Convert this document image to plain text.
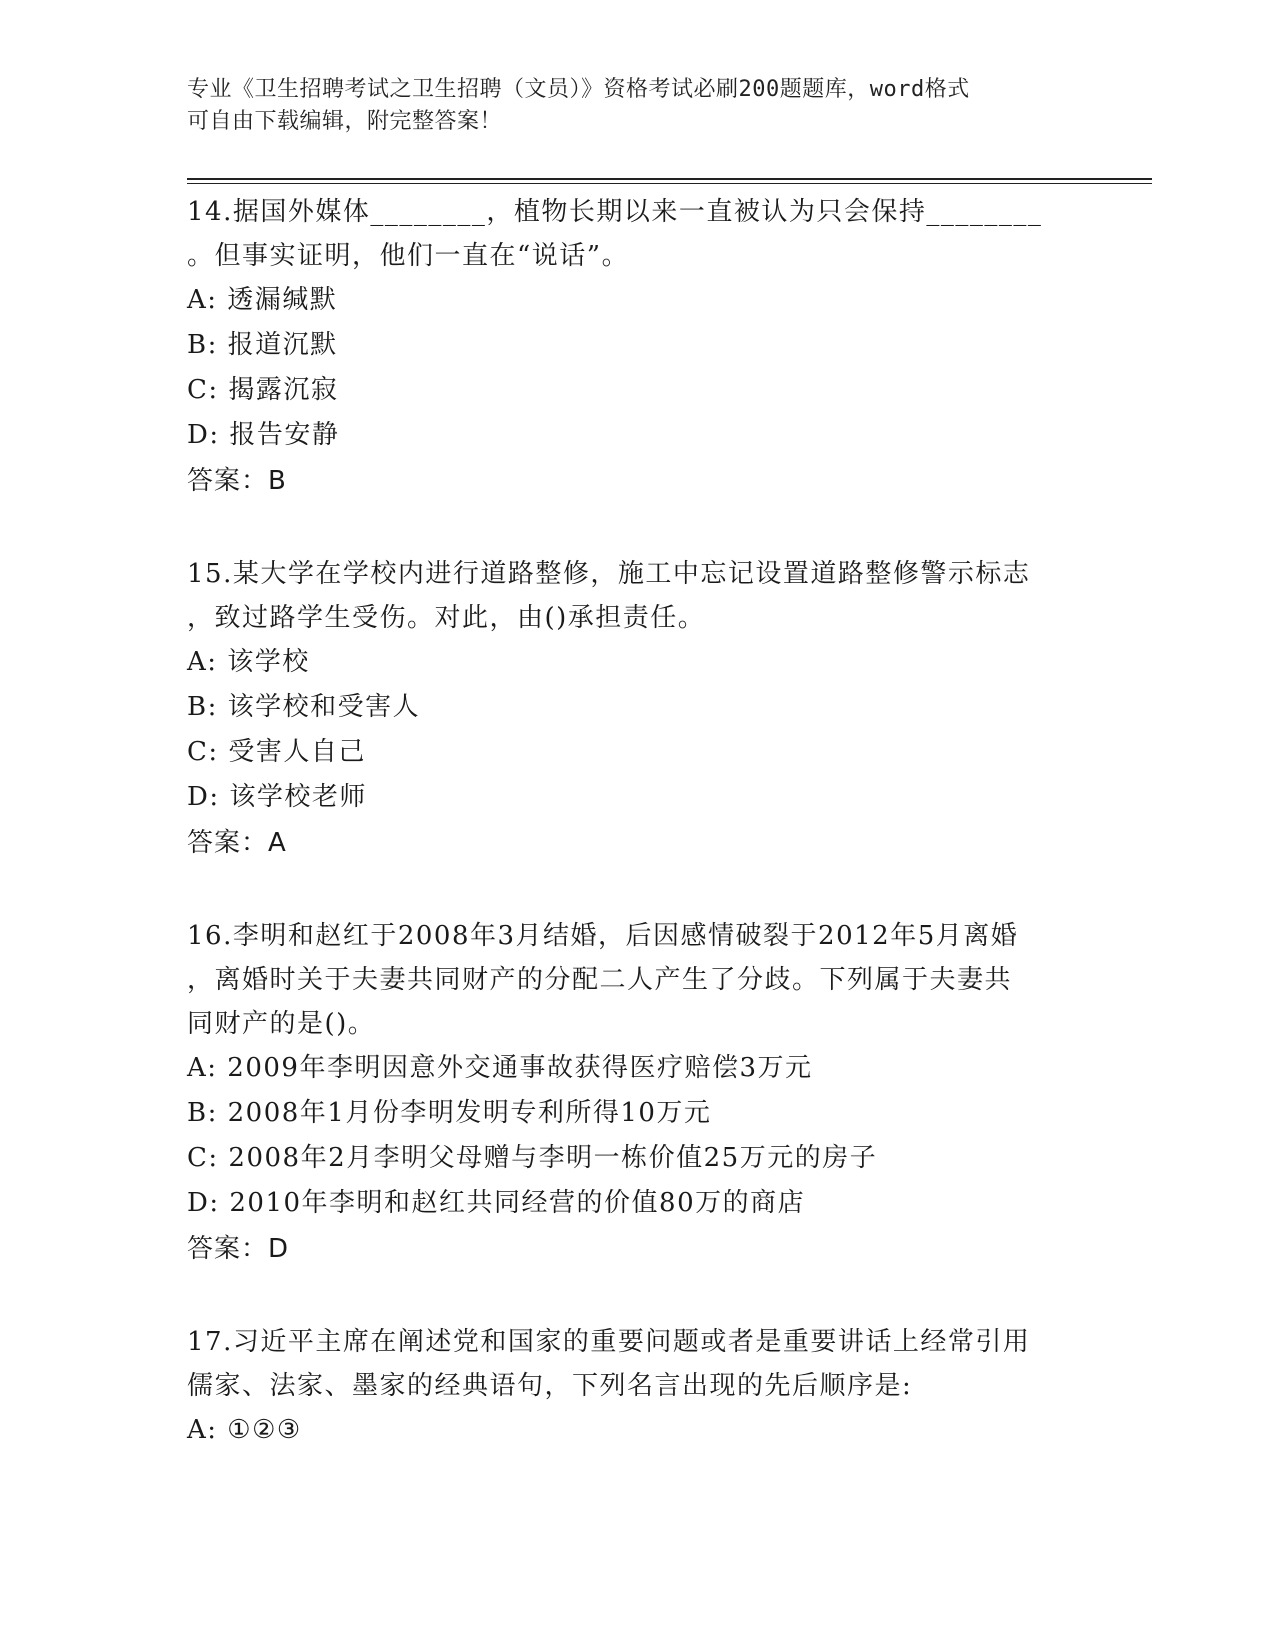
专业《卫生招聘考试之卫生招聘（文员）》资格考试必刷200题题库，word格式
可自由下载编辑，附完整答案！
14.据国外媒体________，植物长期以来一直被认为只会保持________
。但事实证明，他们一直在“说话”。
A: 透漏缄默
B: 报道沉默
C: 揭露沉寂
D: 报告安静
答案：B
15.某大学在学校内进行道路整修，施工中忘记设置道路整修警示标志
，致过路学生受伤。对此，由()承担责任。
A: 该学校
B: 该学校和受害人
C: 受害人自己
D: 该学校老师
答案：A
16.李明和赵红于2008年3月结婚，后因感情破裂于2012年5月离婚
，离婚时关于夫妻共同财产的分配二人产生了分歧。下列属于夫妻共
同财产的是()。
A: 2009年李明因意外交通事故获得医疗赔偿3万元
B: 2008年1月份李明发明专利所得10万元
C: 2008年2月李明父母赠与李明一栋价值25万元的房子
D: 2010年李明和赵红共同经营的价值80万的商店
答案：D
17.习近平主席在阐述党和国家的重要问题或者是重要讲话上经常引用
儒家、法家、墨家的经典语句，下列名言出现的先后顺序是:
A: ①②③
